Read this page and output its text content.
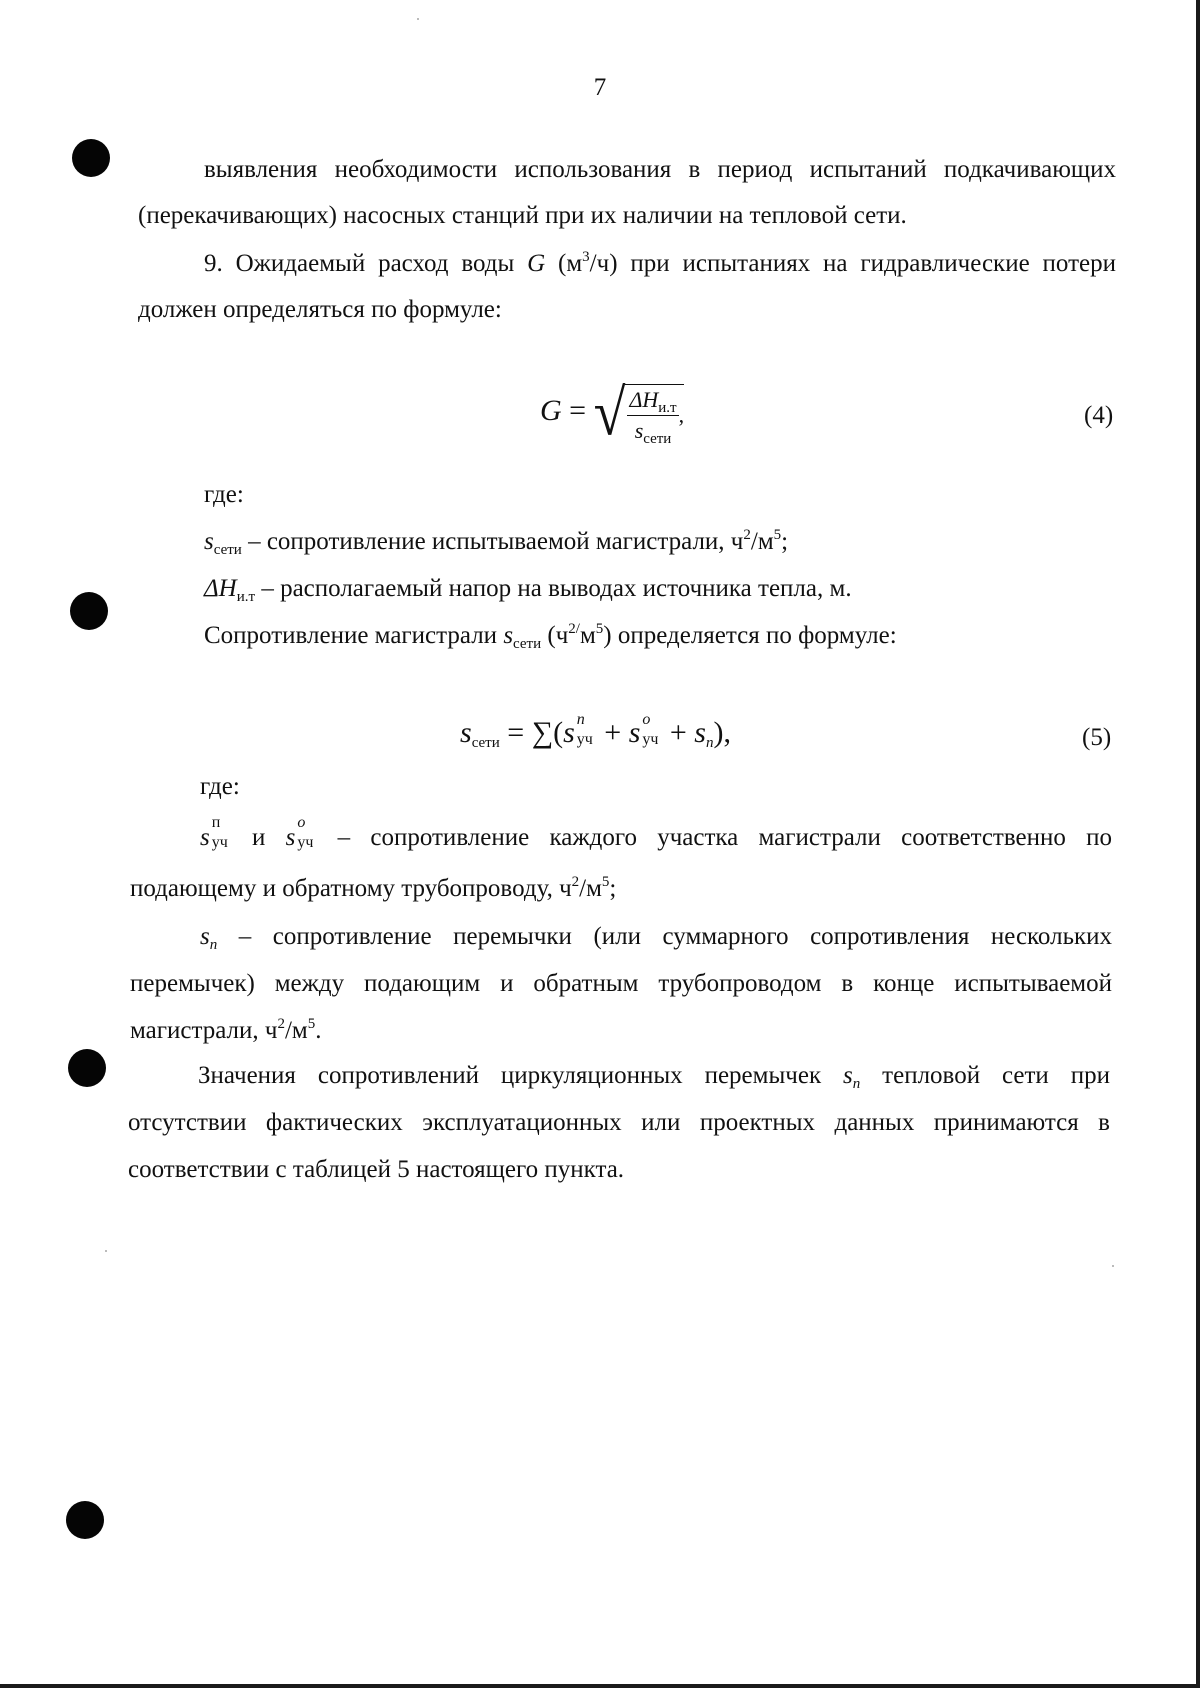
7
выявления необходимости использования в период испытаний подкачивающих
(перекачивающих) насосных станций при их наличии на тепловой сети.
9. Ожидаемый расход воды G $(м^3/ч)$ при испытаниях на гидравлические потери
должен определяться по формуле:
G = √ $\frac{\Delta H_{и.т}}{s_{сети}}$ ,	(4)
где:
$s_{сети}$ – сопротивление испытываемой магистрали, $ч^2/м^5$;
$\Delta H_{и.т}$ – располагаемый напор на выводах источника тепла, м.
Сопротивление магистрали $s_{сети}$ $(ч^{2/}м^5)$ определяется по формуле:
$s_{сети} = \sum(s$ n
уч + s o
уч + $s_n$),	(5)
где:
s
п
уч и s
o
уч – сопротивление каждого участка магистрали соответственно по
подающему и обратному трубопроводу, $ч^2/м^5$;
$s_n$ – сопротивление перемычки (или суммарного сопротивления нескольких
перемычек) между подающим и обратным трубопроводом в конце испытываемой
магистрали, $ч^2/м^5$.
Значения сопротивлений циркуляционных перемычек $s_n$ тепловой сети при
отсутствии фактических эксплуатационных или проектных данных принимаются в
соответствии с таблицей 5 настоящего пункта.
